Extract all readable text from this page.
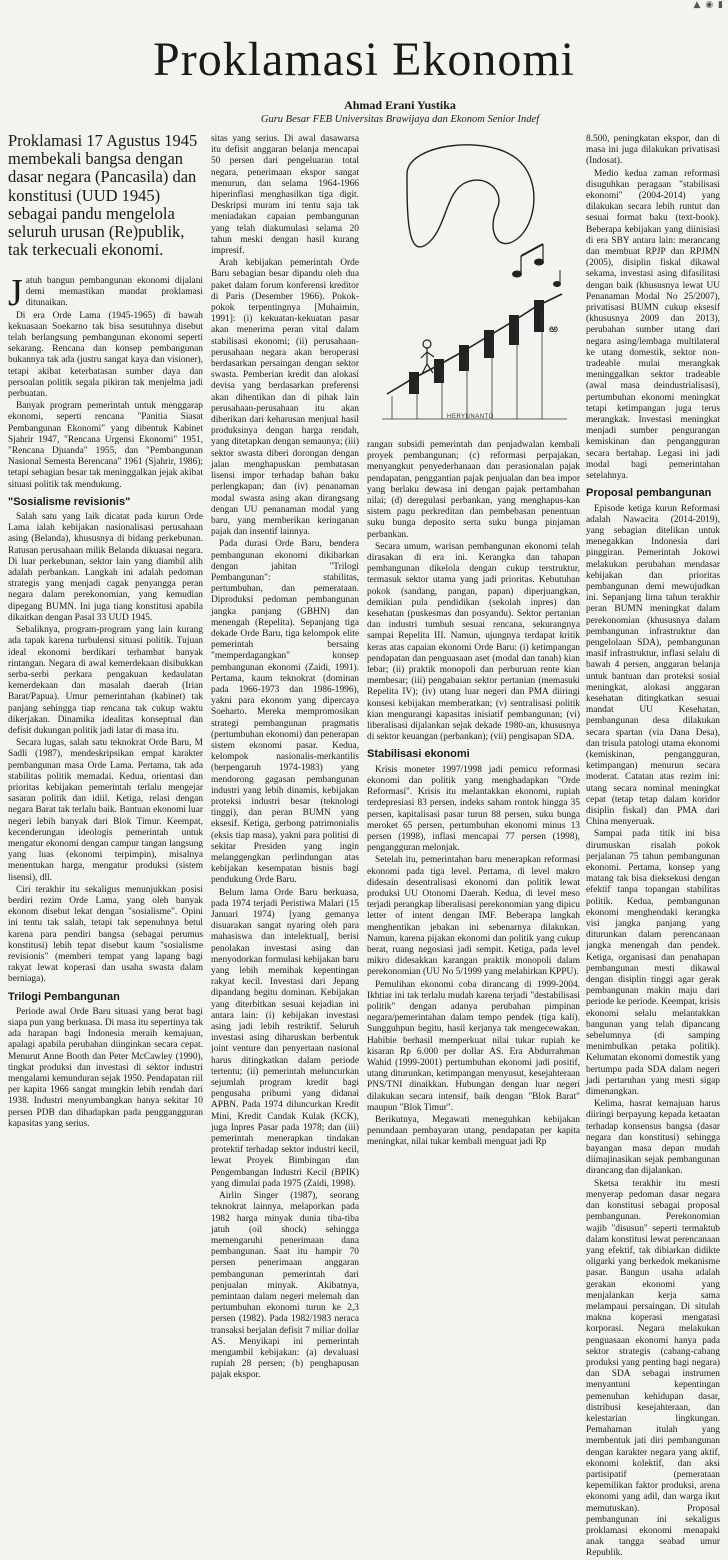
▲ ◉ ▮
Proklamasi Ekonomi
Ahmad Erani Yustika
Guru Besar FEB Universitas Brawijaya dan Ekonom Senior Indef

Proklamasi 17 Agustus 1945 membekali bangsa dengan dasar negara (Pancasila) dan konstitusi (UUD 1945) sebagai pandu mengelola seluruh urusan (Re)publik, tak terkecuali ekonomi.

Jatuh bangun pembangunan ekonomi dijalani demi memastikan mandat proklamasi ditunaikan.

Di era Orde Lama (1945-1965) di bawah kekuasaan Soekarno tak bisa sesutuhnya disebut telah berlangsung pembangunan ekonomi seperti sekarang. Rencana dan konsep pembangunan bukannya tak ada (justru sangat kaya dan visioner), tetapi akibat keterbatasan sumber daya dan persoalan politik segala pikiran tak menjelma jadi perbuatan.

Banyak program pemerintah untuk menggarap ekonomi, seperti rencana "Panitia Siasat Pembangunan Ekonomi" yang dibentuk Kabinet Sjahrir 1947, "Rencana Urgensi Ekonomi" 1951, "Rencana Djuanda" 1955, dan "Pembangunan Nasional Semesta Berencana" 1961 (Sjahrir, 1986); tetapi sebagian besar tak meninggalkan jejak akibat situasi politik tak mendukung.

"Sosialisme revisionis"

Salah satu yang laik dicatat pada kurun Orde Lama ialah kebijakan nasionalisasi perusahaan asing (Belanda), khususnya di bidang perkebunan. Ratusan perusahaan milik Belanda dikuasai negara. Di luar perkebunan, sektor lain yang diambil alih adalah perbankan. Langkah ini adalah pedoman strategis yang menjadi cagak penyangga peran negara dalam perekonomian, yang kemudian dipegang BUMN. Ini juga tiang konstitusi apabila dikaitkan dengan Pasal 33 UUD 1945.

Sebaliknya, program-program yang lain kurang ada tapak karena turbulensi situasi politik. Tujuan ideal ekonomi berdikari terhambat banyak rintangan. Negara di awal kemerdekaan disibukkan serba-serbi perkara pengakuan kedaulatan kemerdekaan dan masalah daerah (Irian Barat/Papua). Umur pemerintahan (kabinet) tak panjang sehingga tiap rencana tak cukup waktu dikerjakan. Dinamika idealitas konseptual dan defisit dukungan politik jadi latar di masa itu.

Secara lugas, salah satu teknokrat Orde Baru, M Sadli (1987), mendeskripsikan empat karakter pembangunan masa Orde Lama. Pertama, tak ada stabilitas politik memadai. Kedua, orientasi dan prioritas kebijakan pemerintah terlalu mengejar sasaran politik dan idiil. Ketiga, relasi dengan negara Barat tak terlalu baik. Bantuan ekonomi luar negeri lebih banyak dari Blok Timur. Keempat, kecenderungan ideologis pemerintah untuk mengatur ekonomi dengan campur tangan langsung yang luas (ekonomi terpimpin), misalnya menentukan harga, mengatur produksi (sistem lisensi), dll.

Ciri terakhir itu sekaligus menunjukkan posisi berdiri rezim Orde Lama, yang oleh banyak ekonom disebut lekat dengan "sosialisme". Opini ini tentu tak salah, tetapi tak sepenuhnya betul karena para pendiri bangsa (sebagai perumus konstitusi) lebih tepat disebut kaum "sosialisme revisionis" (memberi tempat yang lapang bagi rakyat lewat koperasi dan usaha swasta dalam berniaga).

Trilogi Pembangunan

Periode awal Orde Baru situasi yang berat bagi siapa pun yang berkuasa. Di masa itu sepertinya tak ada harapan bagi Indonesia meraih kemajuan, apalagi apabila perubahan diinginkan secara cepat. Menurut Anne Booth dan Peter McCawley (1990), tingkat produksi dan investasi di sektor industri mengalami kemunduran sejak 1950. Pendapatan riil per kapita 1966 sangat mungkin lebih rendah dari 1938. Industri menyumbangkan hanya sekitar 10 persen PDB dan dihadapkan pada penggangguran kapasitas yang serius.

sitas yang serius. Di awal dasawarsa itu defisit anggaran belanja mencapai 50 persen dari pengeluaran total negara, penerimaan ekspor sangat menurun, dan selama 1964-1966 hiperinflasi menghasilkan tiga digit. Deskripsi muram ini tentu saja tak meniadakan capaian pembangunan yang telah diakumulasi selama 20 tahun meski dengan hasil kurang impresif.

Arah kebijakan pemerintah Orde Baru sebagian besar dipandu oleh dua paket dalam forum konferensi kreditor di Paris (Desember 1966). Pokok-pokok terpentingnya [Muhaimin, 1991]: (i) kekuatan-kekuatan pasar akan menerima peran vital dalam stabilisasi ekonomi; (ii) perusahaan-perusahaan negara akan beroperasi berdasarkan persaingan dengan sektor swasta. Pemberian kredit dan alokasi devisa yang berdasarkan preferensi akan dihentikan dan di pihak lain perusahaan-perusahaan itu akan diberikan dari keharusan menjual hasil produksinya dengan harga rendah, yang ditetapkan dengan semaunya; (iii) sektor swasta diberi dorongan dengan jalan menghapuskan pembatasan lisensi impor terhadap bahan baku perlengkapan; dan (iv) penanaman modal swasta asing akan dirangsang dengan UU penanaman modal yang baru, yang memberikan keringanan pajak dan insentif lainnya.

Pada durasi Orde Baru, bendera pembangunan ekonomi dikibarkan dengan jahitan "Trilogi Pembangunan": stabilitas, pertumbuhan, dan pemerataan. Diproduksi pedoman pembangunan jangka panjang (GBHN) dan menengah (Repelita). Sepanjang tiga dekade Orde Baru, tiga kelompok elite pemerintah bersaing "memperdagangkan" konsep pembangunan ekonomi (Zaidi, 1991). Pertama, kaum teknokrat (dominan pada 1966-1973 dan 1986-1996), yakni para ekonom yang dipercaya Soeharto. Mereka mempromosikan strategi pembangunan pragmatis (pertumbuhan ekonomi) dan penerapan sistem ekonomi pasar. Kedua, kelompok nasionalis-merkantilis (berpengaruh 1974-1983) yang mendorong gagasan pembangunan industri yang lebih dinamis, kebijakan proteksi industri besar (teknologi tinggi), dan peran BUMN yang eksesif. Ketiga, gerbong patrimonialis (eksis tiap masa), yakni para politisi di sekitar Presiden yang ingin melanggengkan perlindungan atas kebijakan kesempatan bisnis bagi pendukung Orde Baru.

Belum lama Orde Baru berkuasa, pada 1974 terjadi Peristiwa Malari (15 Januari 1974) [yang gemanya disuarakan sangat nyaring oleh para mahasiswa dan intelektual], berisi penolakan investasi asing dan menyodorkan formulasi kebijakan baru yang lebih memihak kepentingan rakyat kecil. Investasi dari Jepang dipandang begitu dominan. Kebijakan yang diterbitkan sesuai kejadian ini antara lain: (i) kebijakan investasi asing jadi lebih restriktif. Seluruh investasi asing diharuskan berbentuk joint venture dan penyertaan nasional harus ditingkatkan dalam periode tertentu; (ii) pemerintah meluncurkan sejumlah program kredit bagi pengusaha pribumi yang didanai APBN. Pada 1974 diluncurkan Kredit Mini, Kredit Candak Kulak (KCK), juga Inpres Pasar pada 1978; dan (iii) pemerintah menerapkan tindakan protektif terhadap sektor industri kecil, lewat Proyek Bimbingan dan Pengembangan Industri Kecil (BPIK) yang dimulai pada 1975 (Zaidi, 1998).

Airlin Singer (1987), seorang teknokrat lainnya, melaporkan pada 1982 harga minyak dunia tiba-tiba jatuh (oil shock) sehingga memengaruhi penerimaan dana pembangunan. Saat itu hampir 70 persen penerimaan anggaran pembangunan pemerintah dari penjualan minyak. Akibatnya, pemintaan dalam negeri melemah dan pertumbuhan ekonomi turun ke 2,3 persen (1982). Pada 1982/1983 neraca transaksi berjalan defisit 7 miliar dollar AS. Menyikapi ini pemerintah mengambil kebijakan: (a) devaluasi rupiah 28 persen; (b) penghapusan pajak ekspor.

ఱ
HERYUNANTO

rangan subsidi pemerintah dan penjadwalan kembali proyek pembangunan; (c) reformasi perpajakan, menyangkut penyederhanaan dan perasionalan pajak pendapatan, penggantian pajak penjualan dan bea impor yang berlaku dewasa ini dengan pajak pertambahan nilai; (d) deregulasi perbankan, yang menghapus-kan sistem pagu perkreditan dan pembebasan penentuan suku bunga deposito serta suku bunga pinjaman perbankan.

Secara umum, warisan pembangunan ekonomi telah dirasakan di era ini. Kerangka dan tahapan pembangunan dikelola dengan cukup terstruktur, termasuk sektor utama yang jadi prioritas. Kebutuhan pokok (sandang, pangan, papan) diperjuangkan, demikian pula pendidikan (sekolah inpres) dan kesehatan (puskesmas dan posyandu). Sektor pertanian dan industri tumbuh sesuai rencana, sekurangnya sampai Repelita III. Namun, ujungnya terdapat kritik keras atas capaian ekonomi Orde Baru: (i) ketimpangan pendapatan dan penguasaan aset (modal dan tanah) kian lebar; (ii) praktik monopoli dan perburuan rente kian membesar; (iii) pengabaian sektor pertanian (memasuki Repelita IV); (iv) utang luar negeri dan PMA diiringi konsesi kebijakan memberatkan; (v) sentralisasi politik kian mengurangi kapasitas inisiatif pembangunan; (vi) liberalisasi dijalankan sejak dekade 1980-an, khususnya di sektor keuangan (perbankan); (vii) pengisapan SDA.

Stabilisasi ekonomi

Krisis moneter 1997/1998 jadi pemicu reformasi ekonomi dan politik yang menghadapkan "Orde Reformasi". Krisis itu melantakkan ekonomi, rupiah terdepresiasi 83 persen, indeks saham rontok hingga 35 persen, kapitalisasi pasar turun 88 persen, suku bunga meroket 65 persen, pertumbuhan ekonomi minus 13 persen (1998), inflasi mencapai 77 persen (1998), pengangguran melonjak.

Setelah itu, pemerintahan baru menerapkan reformasi ekonomi pada tiga level. Pertama, di level makro didesain desentralisasi ekonomi dan politik lewat produksi UU Otonomi Daerah. Kedua, di level meso terjadi perangkap liberalisasi perekonomian yang dipicu letter of intent dengan IMF. Beberapa langkah menghentikan jebakan ini sebenarnya dilakukan. Namun, karena pijakan ekonomi dan politik yang cukup berat, ruang negosiasi jadi sempit. Ketiga, pada level mikro didesakkan karangan praktik monopoli dalam perekonomian (UU No 5/1999 yang melahirkan KPPU).

Pemulihan ekonomi coba dirancang di 1999-2004. Ikhtiar ini tak terlalu mudah karena terjadi "destabilisasi politik" dengan adanya perubahan pimpinan negara/pemerintahan dalam tempo pendek (tiga kali). Sungguhpun begitu, hasil kerjanya tak mengecewakan. Habibie berhasil memperkuat nilai tukar rupiah ke kisaran Rp 6.000 per dollar AS. Era Abdurrahman Wahid (1999-2001) pertumbuhan ekonomi jadi positif, utang diturunkan, ketimpangan menyusut, kesejahteraan PNS/TNI dinaikkan. Hubungan dengan luar negeri dilakukan secara intensif, baik dengan "Blok Barat" maupun "Blok Timur".

Berikutnya, Megawati meneguhkan kebijakan penundaan pembayaran utang, pendapatan per kapita meningkat, nilai tukar kembali menguat jadi Rp

8.500, peningkatan ekspor, dan di masa ini juga dilakukan privatisasi (Indosat).

Medio kedua zaman reformasi disuguhkan peragaan "stabilisasi ekonomi" (2004-2014) yang dilakukan secara lebih runtut dan sesuai format baku (text-book). Beberapa kebijakan yang diinisiasi di era SBY antara lain: merancang dan membuat RPJP dan RPJMN (2005), disiplin fiskal dikawal sekama, investasi asing difasilitasi dengan baik (khususnya lewat UU Penanaman Modal No 25/2007), privatisasi BUMN cukup eksesif (khususnya 2009 dan 2013), perubahan sumber utang dari negara asing/lembaga multilateral ke utang domestik, sektor non-tradeable mulai merangkak meninggalkan sektor tradeable (awal masa deindustrialisasi), pertumbuhan ekonomi meningkat tetapi ketimpangan juga terus merangkak. Investasi meningkat menjadi sumber pengurangan kemiskinan dan pengangguran secara bertahap. Legasi ini jadi modal bagi pemerintahan setelahnya.

Proposal pembangunan

Episode ketiga kurun Reformasi adalah Nawacita (2014-2019), yang sebagian ditelikan untuk menegakkan Indonesia dari pinggiran. Pemerintah Jokowi melakukan perubahan mendasar kebijakan dan prioritas pembangunan demi mewujudkan ini. Sepanjang lima tahun terakhir peran BUMN meningkat dalam perekonomian (khususnya dalam pembangunan infrastruktur dan pengelolaan SDA), pembangunan masif infrastruktur, inflasi selalu di bawah 4 persen, anggaran belanja untuk bantuan dan proteksi sosial meningkat, alokasi anggaran kesehatan ditingkatkan sesuai mandat UU Kesehatan, pembangunan desa dilakukan secara spartan (via Dana Desa), dan trisula patologi utama ekonomi (kemiskinan, pengangguran, ketimpangan) menurun secara moderat. Catatan atas rezim ini: utang secara nominal meningkat cepat (tetap tetap dalam koridor disiplin fiskal) dan PMA dari China menyeruak.

Sampai pada titik ini bisa dirumuskan risalah pokok perjalanan 75 tahun pembangunan ekonomi. Pertama, konsep yang matang tak bisa dieksekusi dengan efektif tanpa topangan stabilitas politik. Kedua, pembangunan ekonomi menghendaki kerangka visi jangka panjang yang diturunkan dalam perencanaan jangka menengah dan pendek. Ketiga, organisasi dan penahapan pembangunan mesti dikawal dengan disiplin tinggi agar gerak pembangunan makin maju dari periode ke periode. Keempat, krisis ekonomi selalu melantakkan bangunan yang telah dipancang sebelumnya (di samping menimbulkan petaka politik). Kelumatan ekonomi domestik yang bertumpu pada SDA dalam negeri jadi pertaruhan yang mesti sigap dimenangkan.

Kelima, hasrat kemajuan harus diiringi berpayung kepada ketaatan terhadap konsensus bangsa (dasar negara dan konstitusi) sehingga bayangan masa depan mudah diimajinasikan sejak pembangunan dirancang dan dijalankan.

Sketsa terakhir itu mesti menyerap pedoman dasar negara dan konstitusi sebagai proposal pembangunan. Perekonomian wajib "disusun" seperti termaktub dalam konstitusi lewat perencanaan yang efektif, tak dibiarkan didikte oligarki yang berkedok mekanisme pasar. Bangun usaha adalah gerakan ekonomi yang menjalankan kerja sama melampaui persaingan. Di situlah makna koperasi mengatasi korporasi. Negara melakukan penguasaan ekonomi hanya pada sektor strategis (cabang-cabang produksi yang penting bagi negara) dan SDA sebagai instrumen menyantuni kepentingan pemenuhan kehidupan dasar, distribusi kesejahteraan, dan kelestarian lingkungan. Pemahaman itulah yang membentuk jati diri pembangunan dengan karakter negara yang aktif, ekonomi kolektif, dan aksi partisipatif (pemerataan kepemilikan faktor produksi, arena ekonomi yang adil, dan warga ikut memutuskan). Proposal pembangunan ini sekaligus proklamasi ekonomi menapaki anak tangga seabad umur Republik.
